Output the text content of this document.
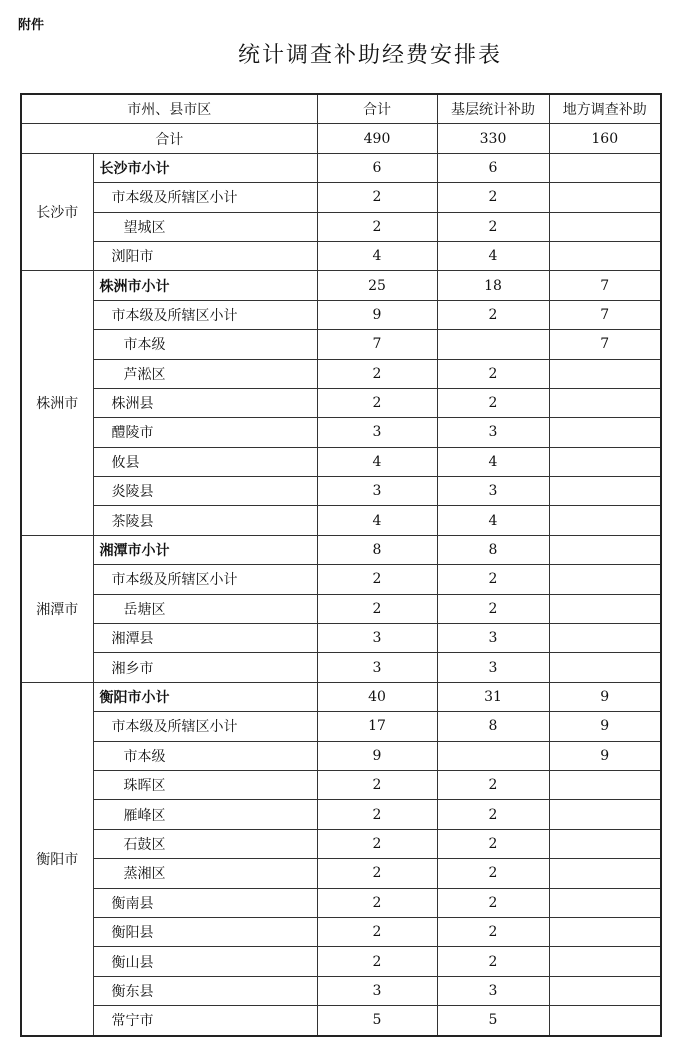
附件
统计调查补助经费安排表
市州、县市区		合计	基层统计补助	地方调查补助
合计		490	330	160
长沙市	长沙市小计	6	6	
	市本级及所辖区小计	2	2	
	望城区	2	2	
	浏阳市	4	4	
株洲市	株洲市小计	25	18	7
	市本级及所辖区小计	9	2	7
	市本级	7		7
	芦淞区	2	2	
	株洲县	2	2	
	醴陵市	3	3	
	攸县	4	4	
	炎陵县	3	3	
	茶陵县	4	4	
湘潭市	湘潭市小计	8	8	
	市本级及所辖区小计	2	2	
	岳塘区	2	2	
	湘潭县	3	3	
	湘乡市	3	3	
衡阳市	衡阳市小计	40	31	9
	市本级及所辖区小计	17	8	9
	市本级	9		9
	珠晖区	2	2	
	雁峰区	2	2	
	石鼓区	2	2	
	蒸湘区	2	2	
	衡南县	2	2	
	衡阳县	2	2	
	衡山县	2	2	
	衡东县	3	3	
	常宁市	5	5	
